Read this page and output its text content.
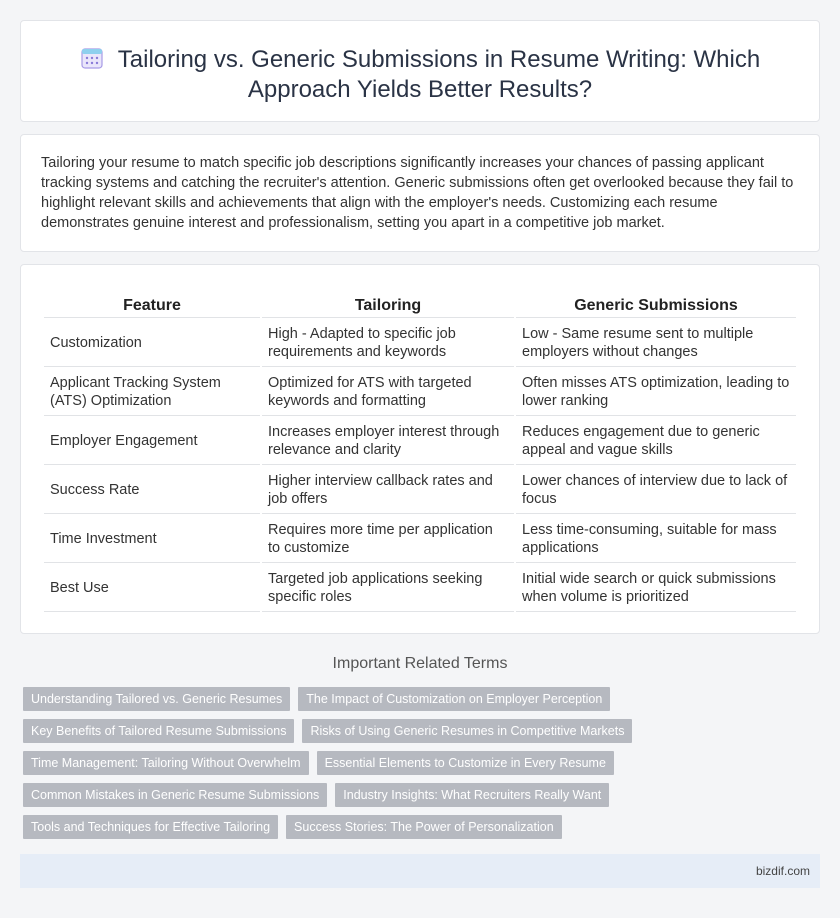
Tailoring vs. Generic Submissions in Resume Writing: Which Approach Yields Better Results?

Tailoring your resume to match specific job descriptions significantly increases your chances of passing applicant tracking systems and catching the recruiter's attention. Generic submissions often get overlooked because they fail to highlight relevant skills and achievements that align with the employer's needs. Customizing each resume demonstrates genuine interest and professionalism, setting you apart in a competitive job market.

Feature	Tailoring	Generic Submissions
Customization	High - Adapted to specific job requirements and keywords	Low - Same resume sent to multiple employers without changes
Applicant Tracking System (ATS) Optimization	Optimized for ATS with targeted keywords and formatting	Often misses ATS optimization, leading to lower ranking
Employer Engagement	Increases employer interest through relevance and clarity	Reduces engagement due to generic appeal and vague skills
Success Rate	Higher interview callback rates and job offers	Lower chances of interview due to lack of focus
Time Investment	Requires more time per application to customize	Less time-consuming, suitable for mass applications
Best Use	Targeted job applications seeking specific roles	Initial wide search or quick submissions when volume is prioritized
Important Related Terms
Understanding Tailored vs. Generic Resumes	The Impact of Customization on Employer Perception
Key Benefits of Tailored Resume Submissions	Risks of Using Generic Resumes in Competitive Markets
Time Management: Tailoring Without Overwhelm	Essential Elements to Customize in Every Resume
Common Mistakes in Generic Resume Submissions	Industry Insights: What Recruiters Really Want
Tools and Techniques for Effective Tailoring	Success Stories: The Power of Personalization
bizdif.com
